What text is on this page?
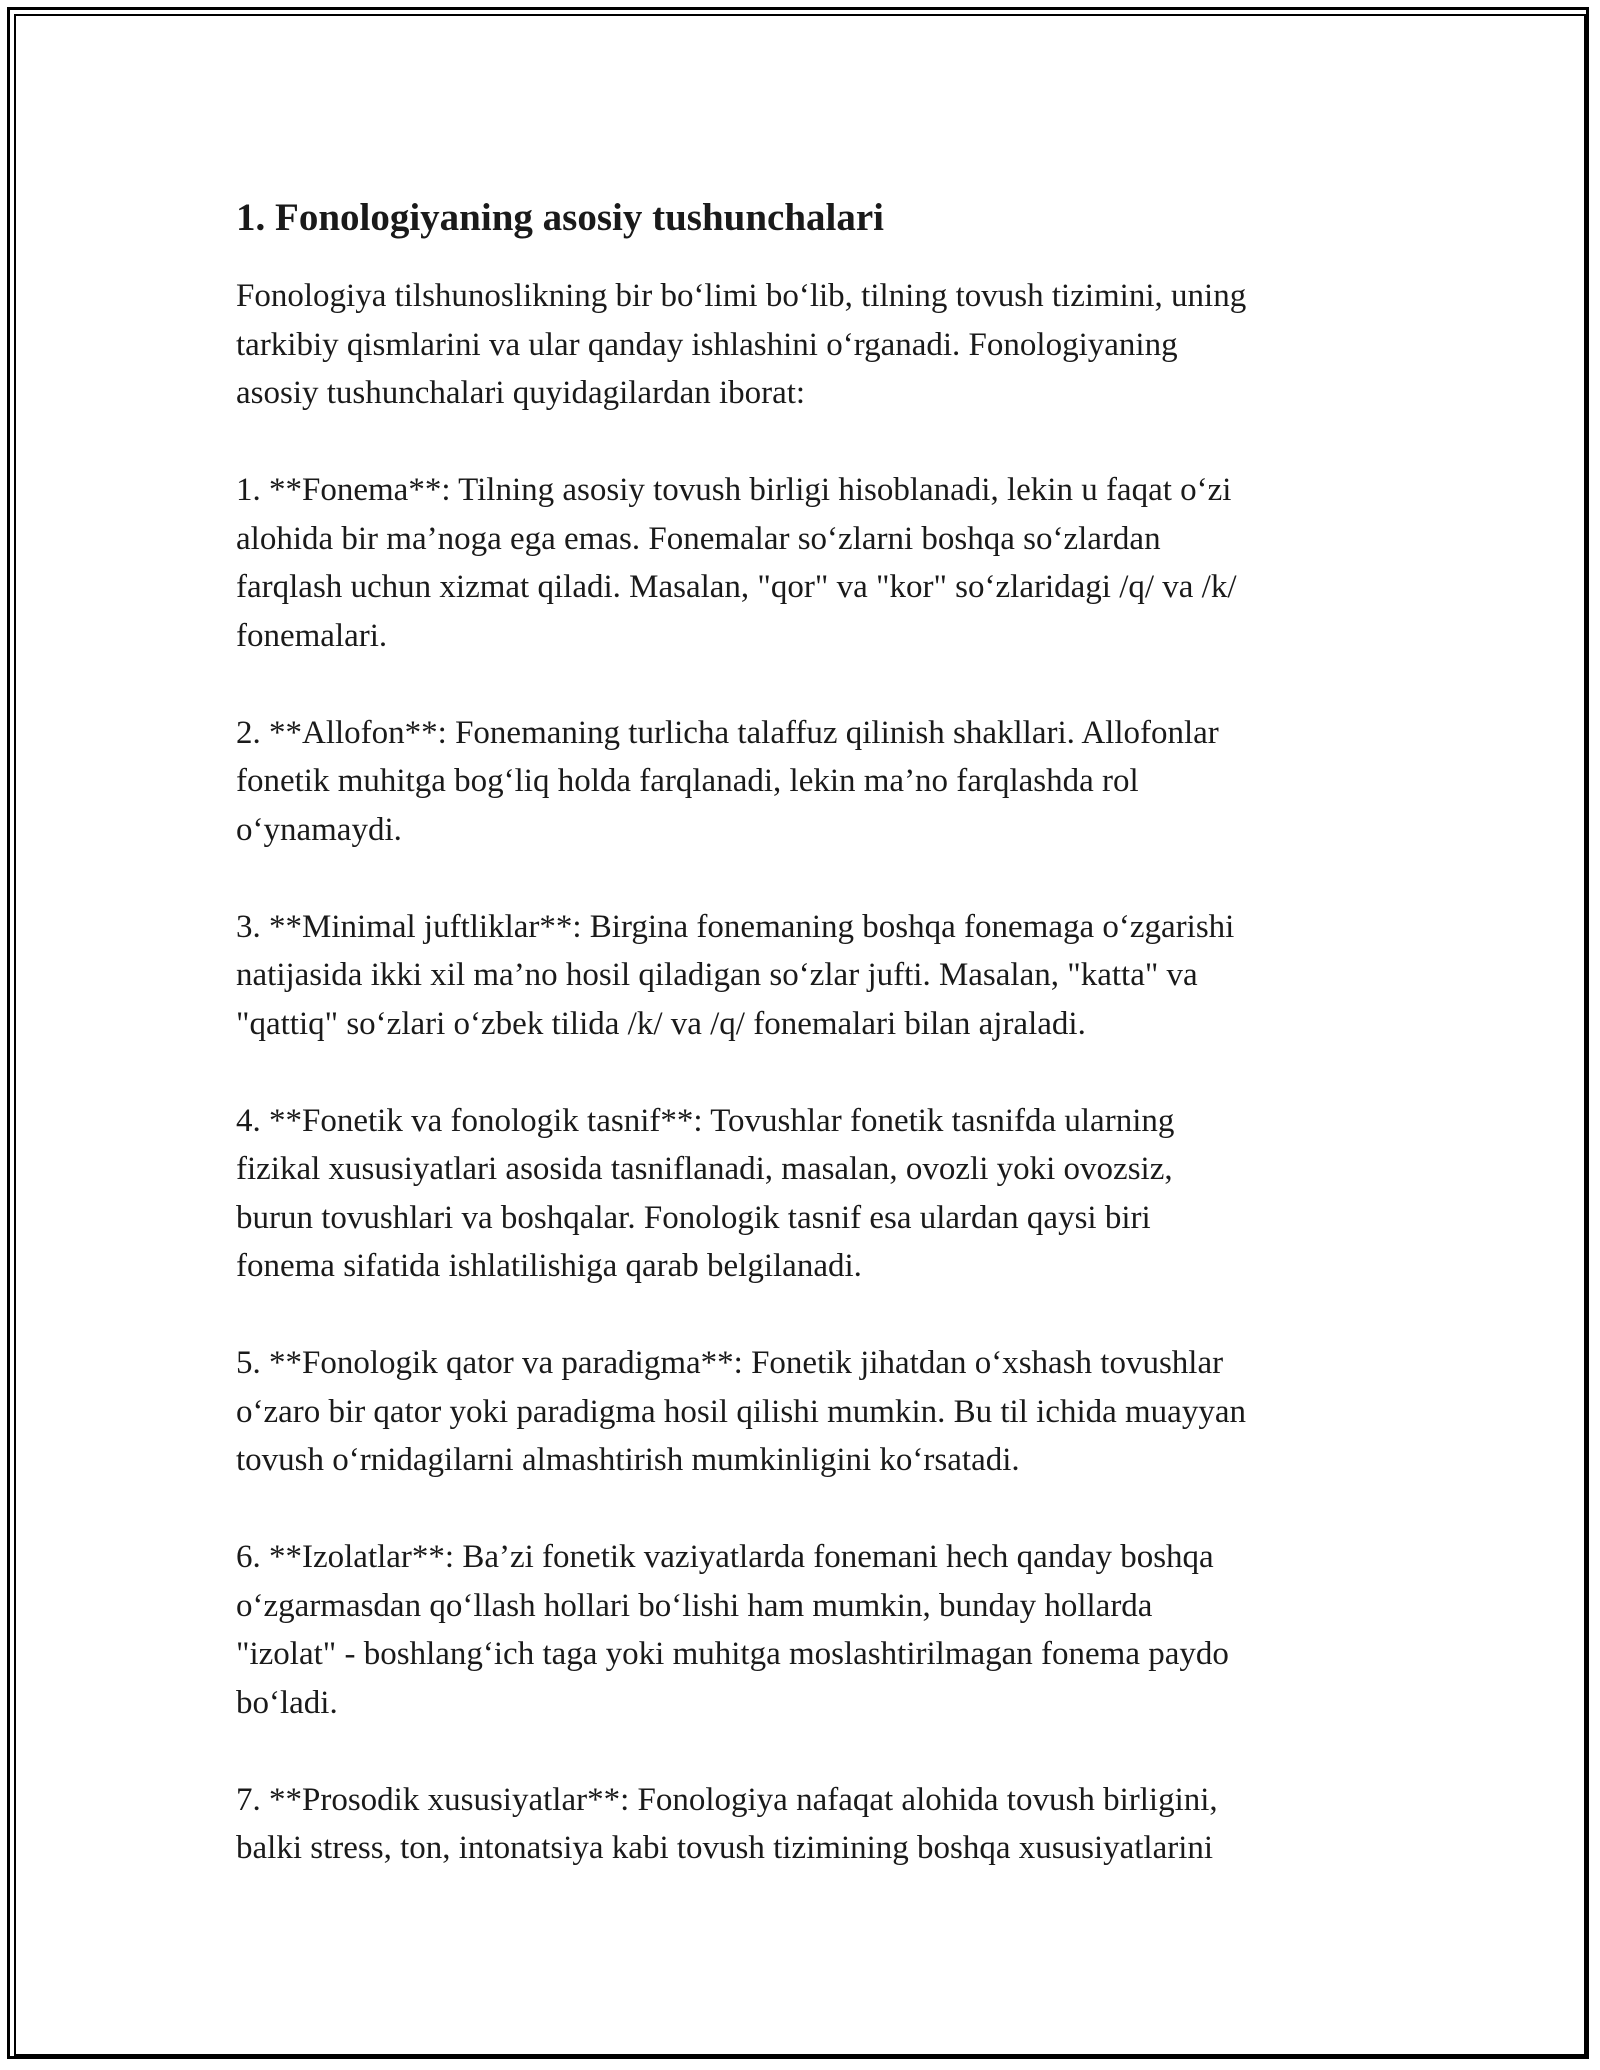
1. Fonologiyaning asosiy tushunchalari

Fonologiya tilshunoslikning bir bo‘limi bo‘lib, tilning tovush tizimini, uning
tarkibiy qismlarini va ular qanday ishlashini o‘rganadi. Fonologiyaning
asosiy tushunchalari quyidagilardan iborat:

1. **Fonema**: Tilning asosiy tovush birligi hisoblanadi, lekin u faqat o‘zi
alohida bir ma’noga ega emas. Fonemalar so‘zlarni boshqa so‘zlardan
farqlash uchun xizmat qiladi. Masalan, "qor" va "kor" so‘zlaridagi /q/ va /k/
fonemalari.

2. **Allofon**: Fonemaning turlicha talaffuz qilinish shakllari. Allofonlar
fonetik muhitga bog‘liq holda farqlanadi, lekin ma’no farqlashda rol
o‘ynamaydi.

3. **Minimal juftliklar**: Birgina fonemaning boshqa fonemaga o‘zgarishi
natijasida ikki xil ma’no hosil qiladigan so‘zlar jufti. Masalan, "katta" va
"qattiq" so‘zlari o‘zbek tilida /k/ va /q/ fonemalari bilan ajraladi.

4. **Fonetik va fonologik tasnif**: Tovushlar fonetik tasnifda ularning
fizikal xususiyatlari asosida tasniflanadi, masalan, ovozli yoki ovozsiz,
burun tovushlari va boshqalar. Fonologik tasnif esa ulardan qaysi biri
fonema sifatida ishlatilishiga qarab belgilanadi.

5. **Fonologik qator va paradigma**: Fonetik jihatdan o‘xshash tovushlar
o‘zaro bir qator yoki paradigma hosil qilishi mumkin. Bu til ichida muayyan
tovush o‘rnidagilarni almashtirish mumkinligini ko‘rsatadi.

6. **Izolatlar**: Ba’zi fonetik vaziyatlarda fonemani hech qanday boshqa
o‘zgarmasdan qo‘llash hollari bo‘lishi ham mumkin, bunday hollarda
"izolat" - boshlang‘ich taga yoki muhitga moslashtirilmagan fonema paydo
bo‘ladi.

7. **Prosodik xususiyatlar**: Fonologiya nafaqat alohida tovush birligini,
balki stress, ton, intonatsiya kabi tovush tizimining boshqa xususiyatlarini
